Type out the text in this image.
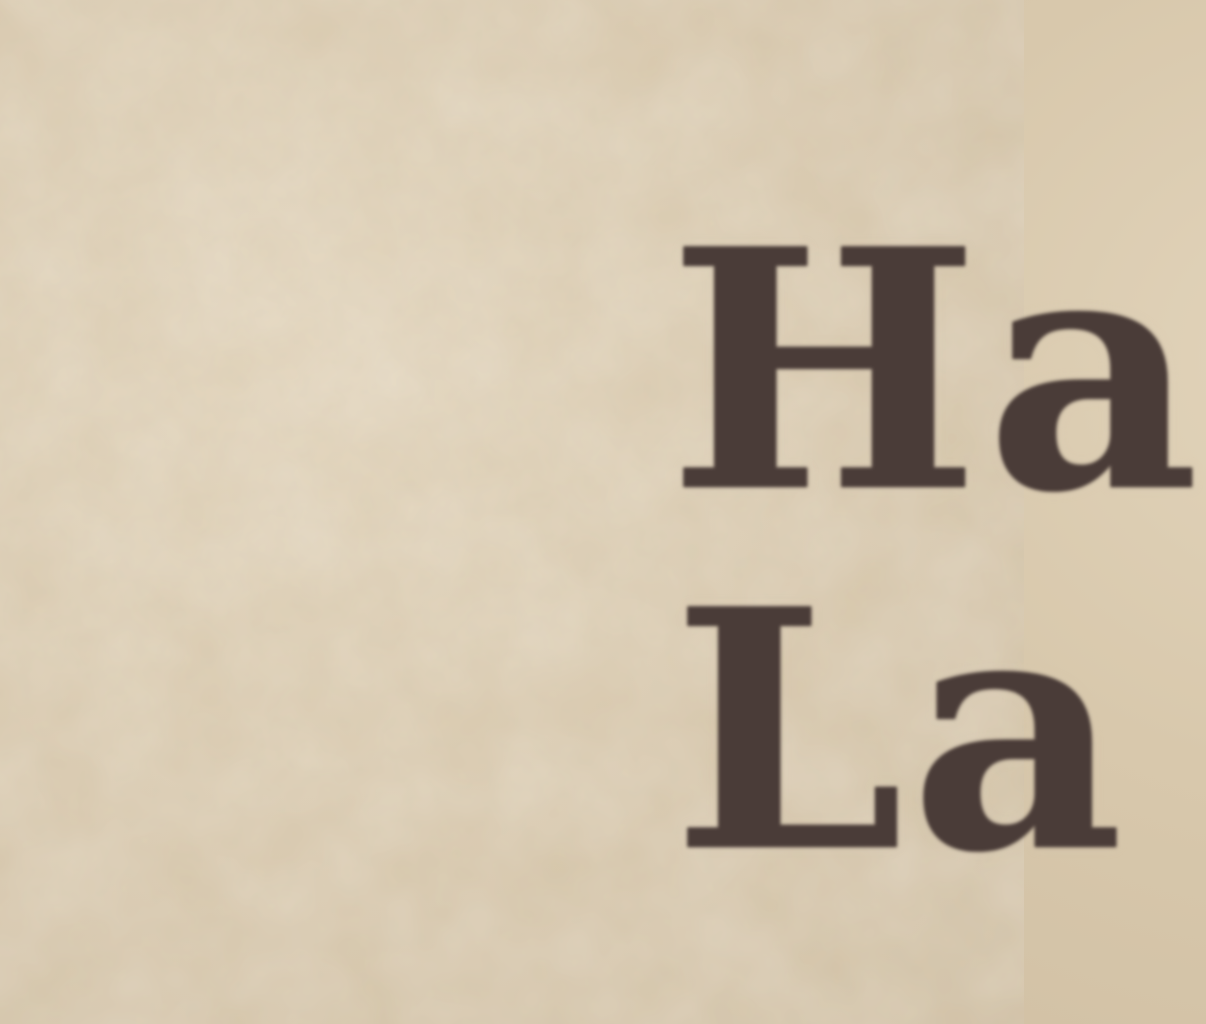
Ha
La
